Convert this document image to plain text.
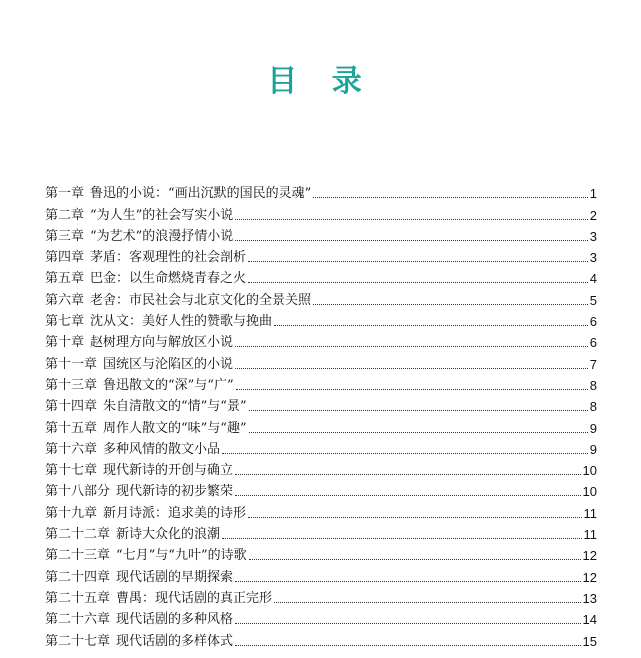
目 录
第一章 鲁迅的小说：“画出沉默的国民的灵魂”	1
第二章 “为人生”的社会写实小说	2
第三章 “为艺术”的浪漫抒情小说	3
第四章 茅盾：客观理性的社会剖析	3
第五章 巴金：以生命燃烧青春之火	4
第六章 老舍：市民社会与北京文化的全景关照	5
第七章 沈从文：美好人性的赞歌与挽曲	6
第十章 赵树理方向与解放区小说	6
第十一章 国统区与沦陷区的小说	7
第十三章 鲁迅散文的“深”与“广”	8
第十四章 朱自清散文的“情”与“景”	8
第十五章 周作人散文的“味”与“趣”	9
第十六章 多种风情的散文小品	9
第十七章 现代新诗的开创与确立	10
第十八部分 现代新诗的初步繁荣	10
第十九章 新月诗派：追求美的诗形	11
第二十二章 新诗大众化的浪潮	11
第二十三章 “七月”与“九叶”的诗歌	12
第二十四章 现代话剧的早期探索	12
第二十五章 曹禺：现代话剧的真正完形	13
第二十六章 现代话剧的多种风格	14
第二十七章 现代话剧的多样体式	15
